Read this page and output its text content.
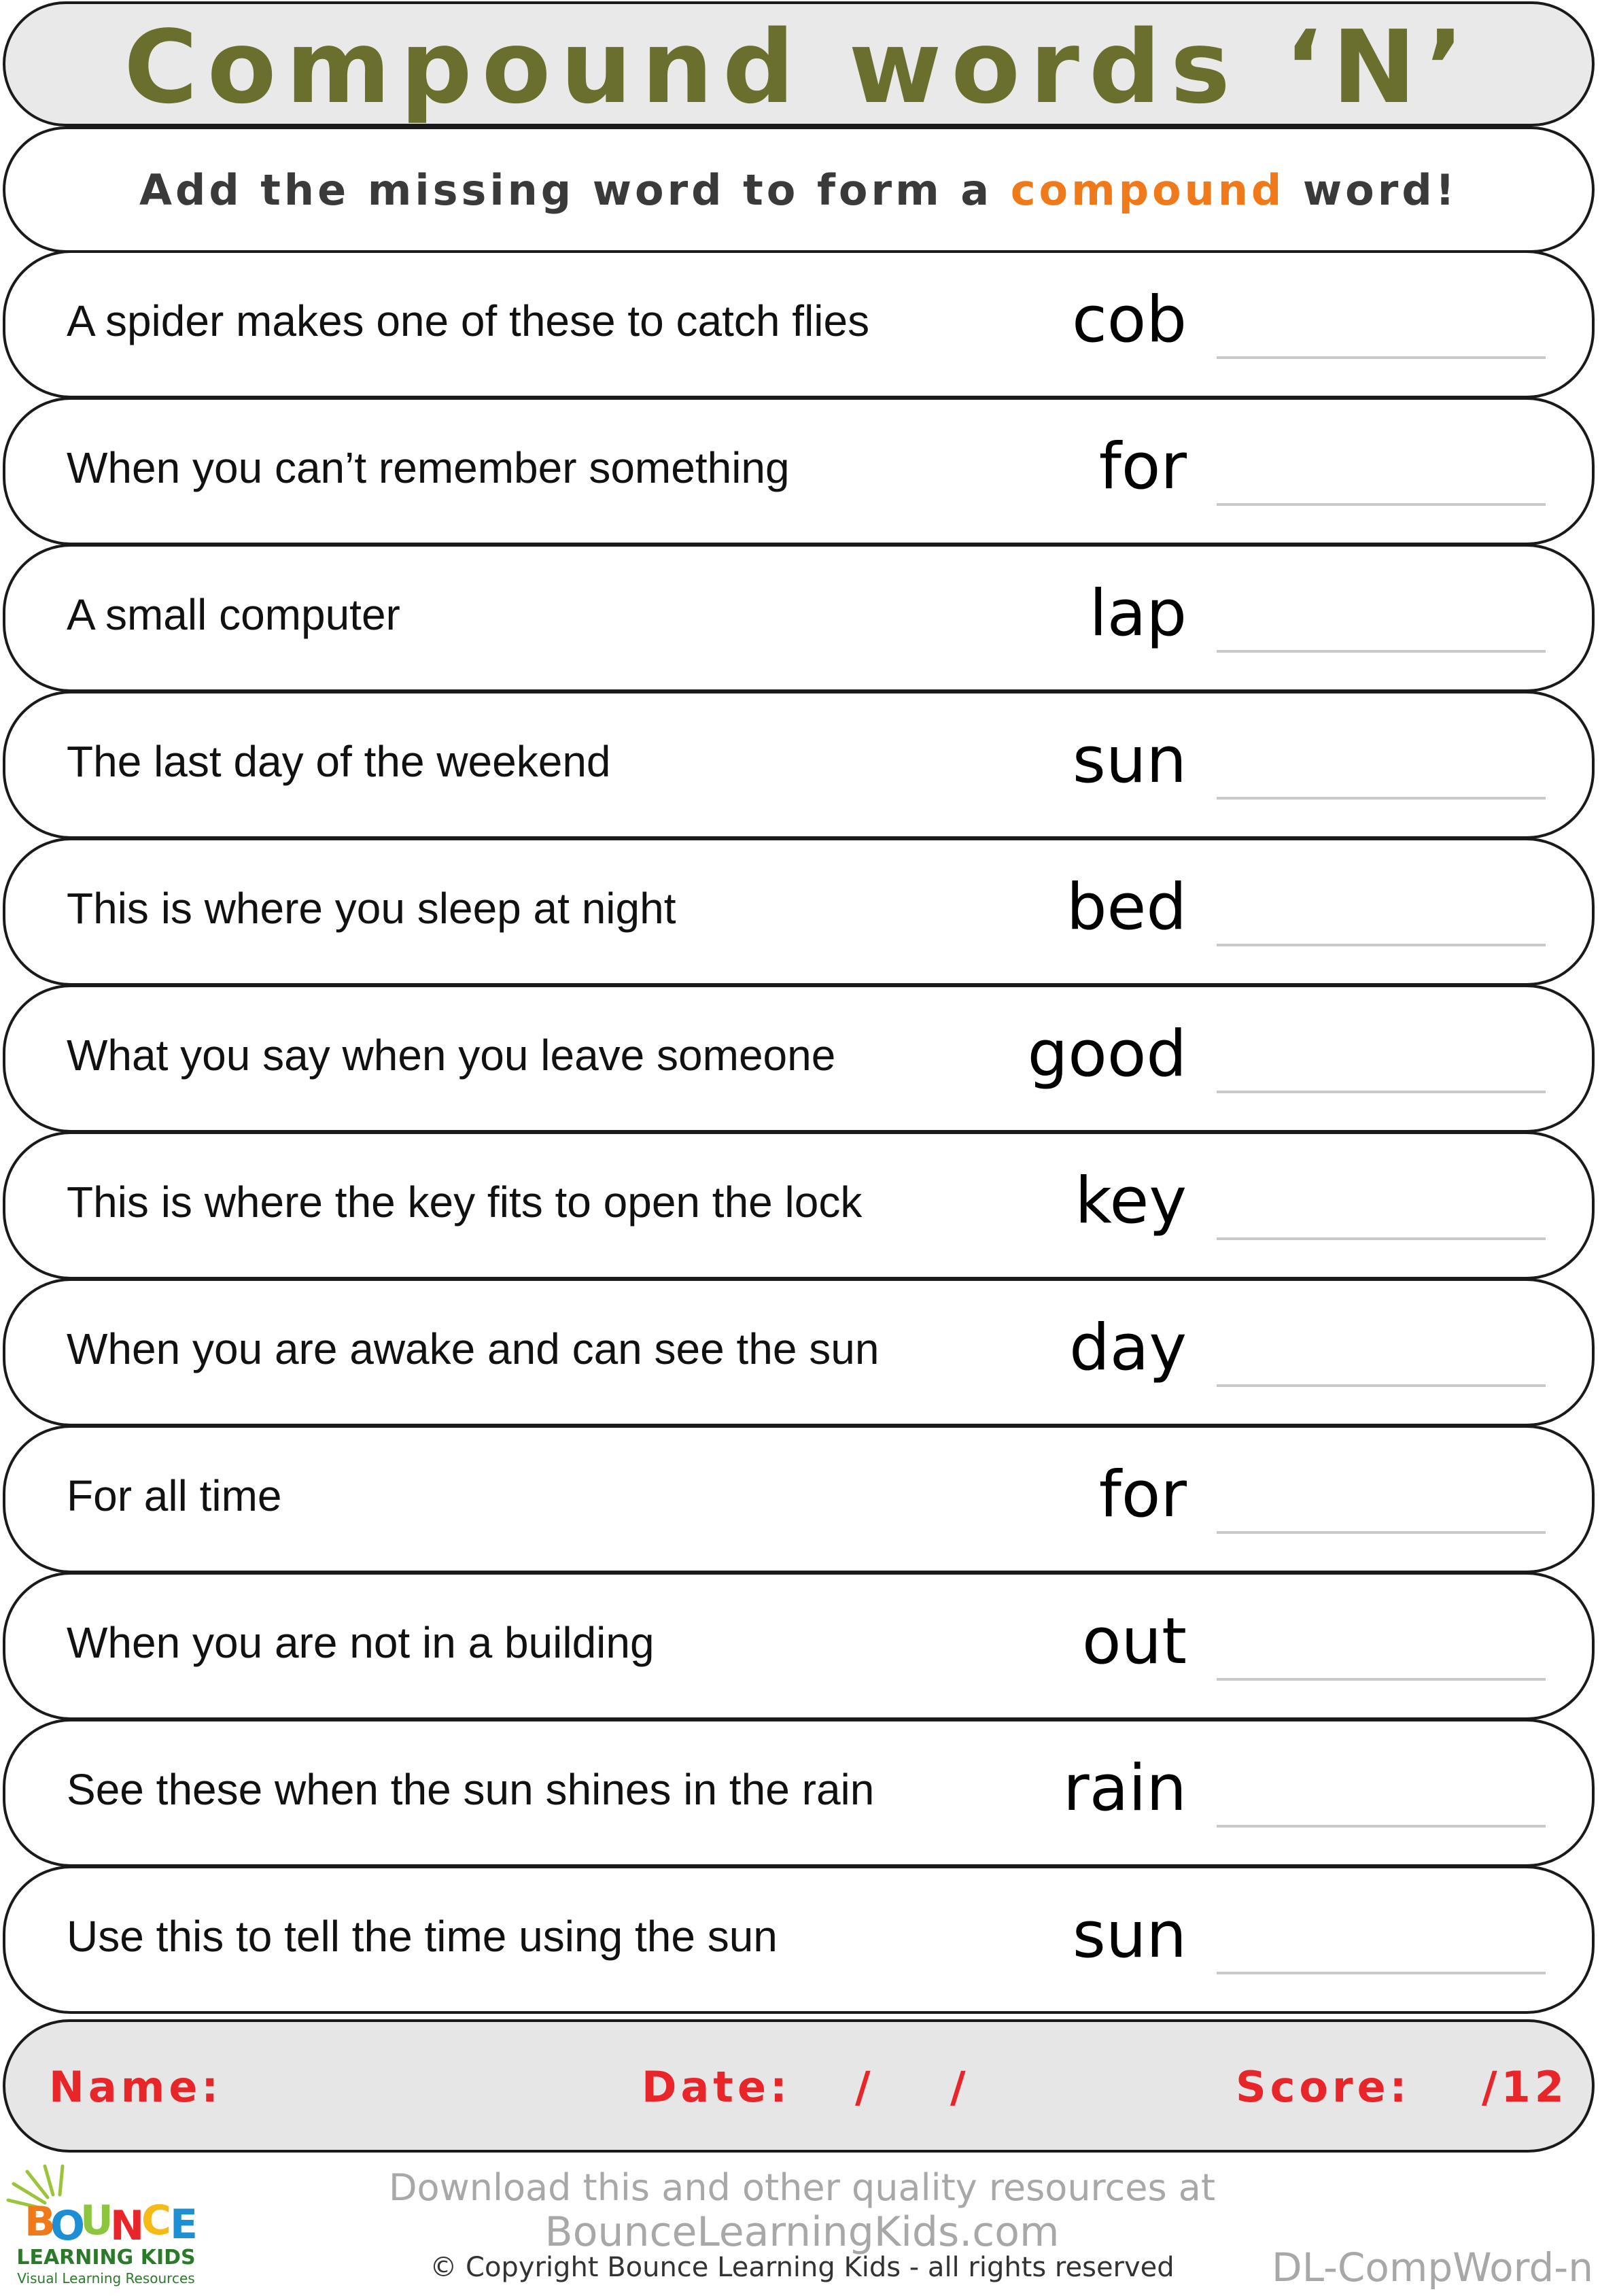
Compound words ‘N’
Add the missing word to form a compound word!
A spider makes one of these to catch flies	cob
When you can’t remember something	for
A small computer	lap
The last day of the weekend	sun
This is where you sleep at night	bed
What you say when you leave someone	good
This is where the key fits to open the lock	key
When you are awake and can see the sun	day
For all time	for
When you are not in a building	out
See these when the sun shines in the rain	rain
Use this to tell the time using the sun	sun
Name:	Date: / /	Score: /12
B
O
U
N
C
E
LEARNING KIDS
Visual Learning Resources
Download this and other quality resources at
BounceLearningKids.com
© Copyright Bounce Learning Kids - all rights reserved	DL-CompWord-n
